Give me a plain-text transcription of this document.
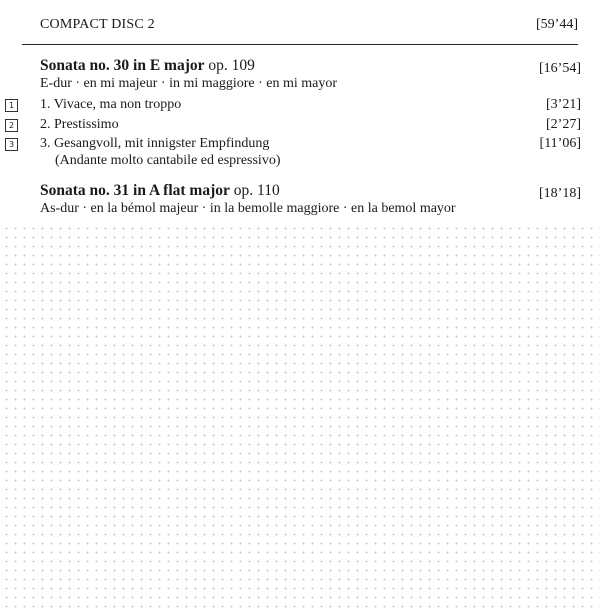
COMPACT DISC 2	[59’44]
Sonata no. 30 in E major op. 109	[16’54]
E-dur · en mi majeur · in mi maggiore · en mi mayor
1 1. Vivace, ma non troppo	[3’21]
2 2. Prestissimo	[2’27]
3 3. Gesangvoll, mit innigster Empfindung	[11’06]
(Andante molto cantabile ed espressivo)
Sonata no. 31 in A flat major op. 110	[18’18]
As-dur · en la bémol majeur · in la bemolle maggiore · en la bemol mayor
